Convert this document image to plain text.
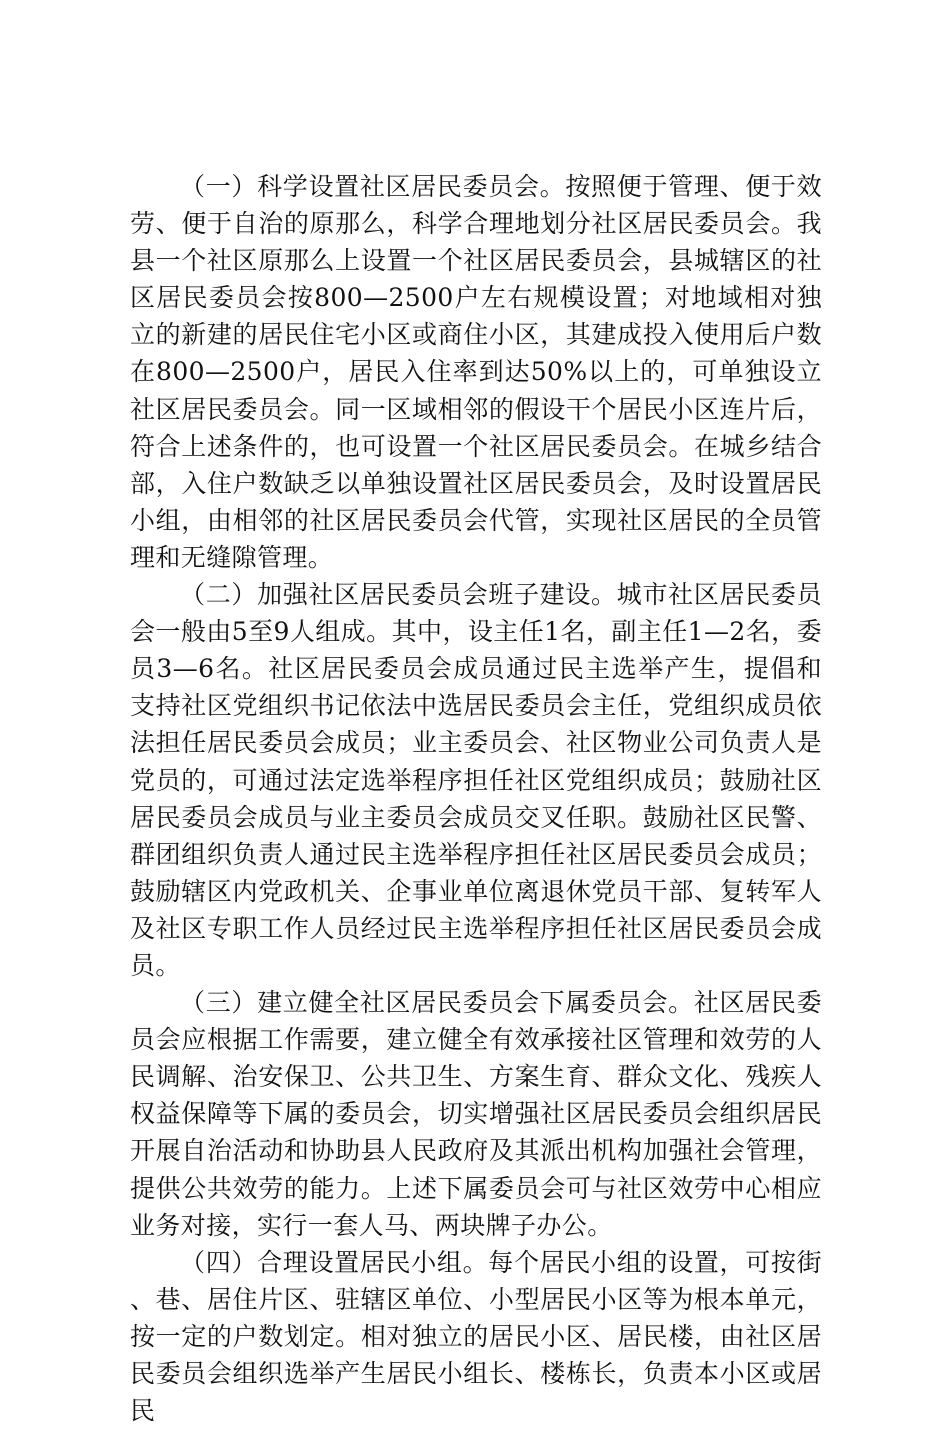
（一）科学设置社区居民委员会。按照便于管理、便于效劳、便于自治的原那么，科学合理地划分社区居民委员会。我县一个社区原那么上设置一个社区居民委员会，县城辖区的社区居民委员会按800—2500户左右规模设置；对地域相对独立的新建的居民住宅小区或商住小区，其建成投入使用后户数在800—2500户，居民入住率到达50%以上的，可单独设立社区居民委员会。同一区域相邻的假设干个居民小区连片后，符合上述条件的，也可设置一个社区居民委员会。在城乡结合部，入住户数缺乏以单独设置社区居民委员会，及时设置居民小组，由相邻的社区居民委员会代管，实现社区居民的全员管理和无缝隙管理。

（二）加强社区居民委员会班子建设。城市社区居民委员会一般由5至9人组成。其中，设主任1名，副主任1—2名，委员3—6名。社区居民委员会成员通过民主选举产生，提倡和支持社区党组织书记依法中选居民委员会主任，党组织成员依法担任居民委员会成员；业主委员会、社区物业公司负责人是党员的，可通过法定选举程序担任社区党组织成员；鼓励社区居民委员会成员与业主委员会成员交叉任职。鼓励社区民警、群团组织负责人通过民主选举程序担任社区居民委员会成员；鼓励辖区内党政机关、企事业单位离退休党员干部、复转军人及社区专职工作人员经过民主选举程序担任社区居民委员会成员。

（三）建立健全社区居民委员会下属委员会。社区居民委员会应根据工作需要，建立健全有效承接社区管理和效劳的人民调解、治安保卫、公共卫生、方案生育、群众文化、残疾人权益保障等下属的委员会，切实增强社区居民委员会组织居民开展自治活动和协助县人民政府及其派出机构加强社会管理，提供公共效劳的能力。上述下属委员会可与社区效劳中心相应业务对接，实行一套人马、两块牌子办公。

（四）合理设置居民小组。每个居民小组的设置，可按街、巷、居住片区、驻辖区单位、小型居民小区等为根本单元，按一定的户数划定。相对独立的居民小区、居民楼，由社区居民委员会组织选举产生居民小组长、楼栋长，负责本小区或居民
